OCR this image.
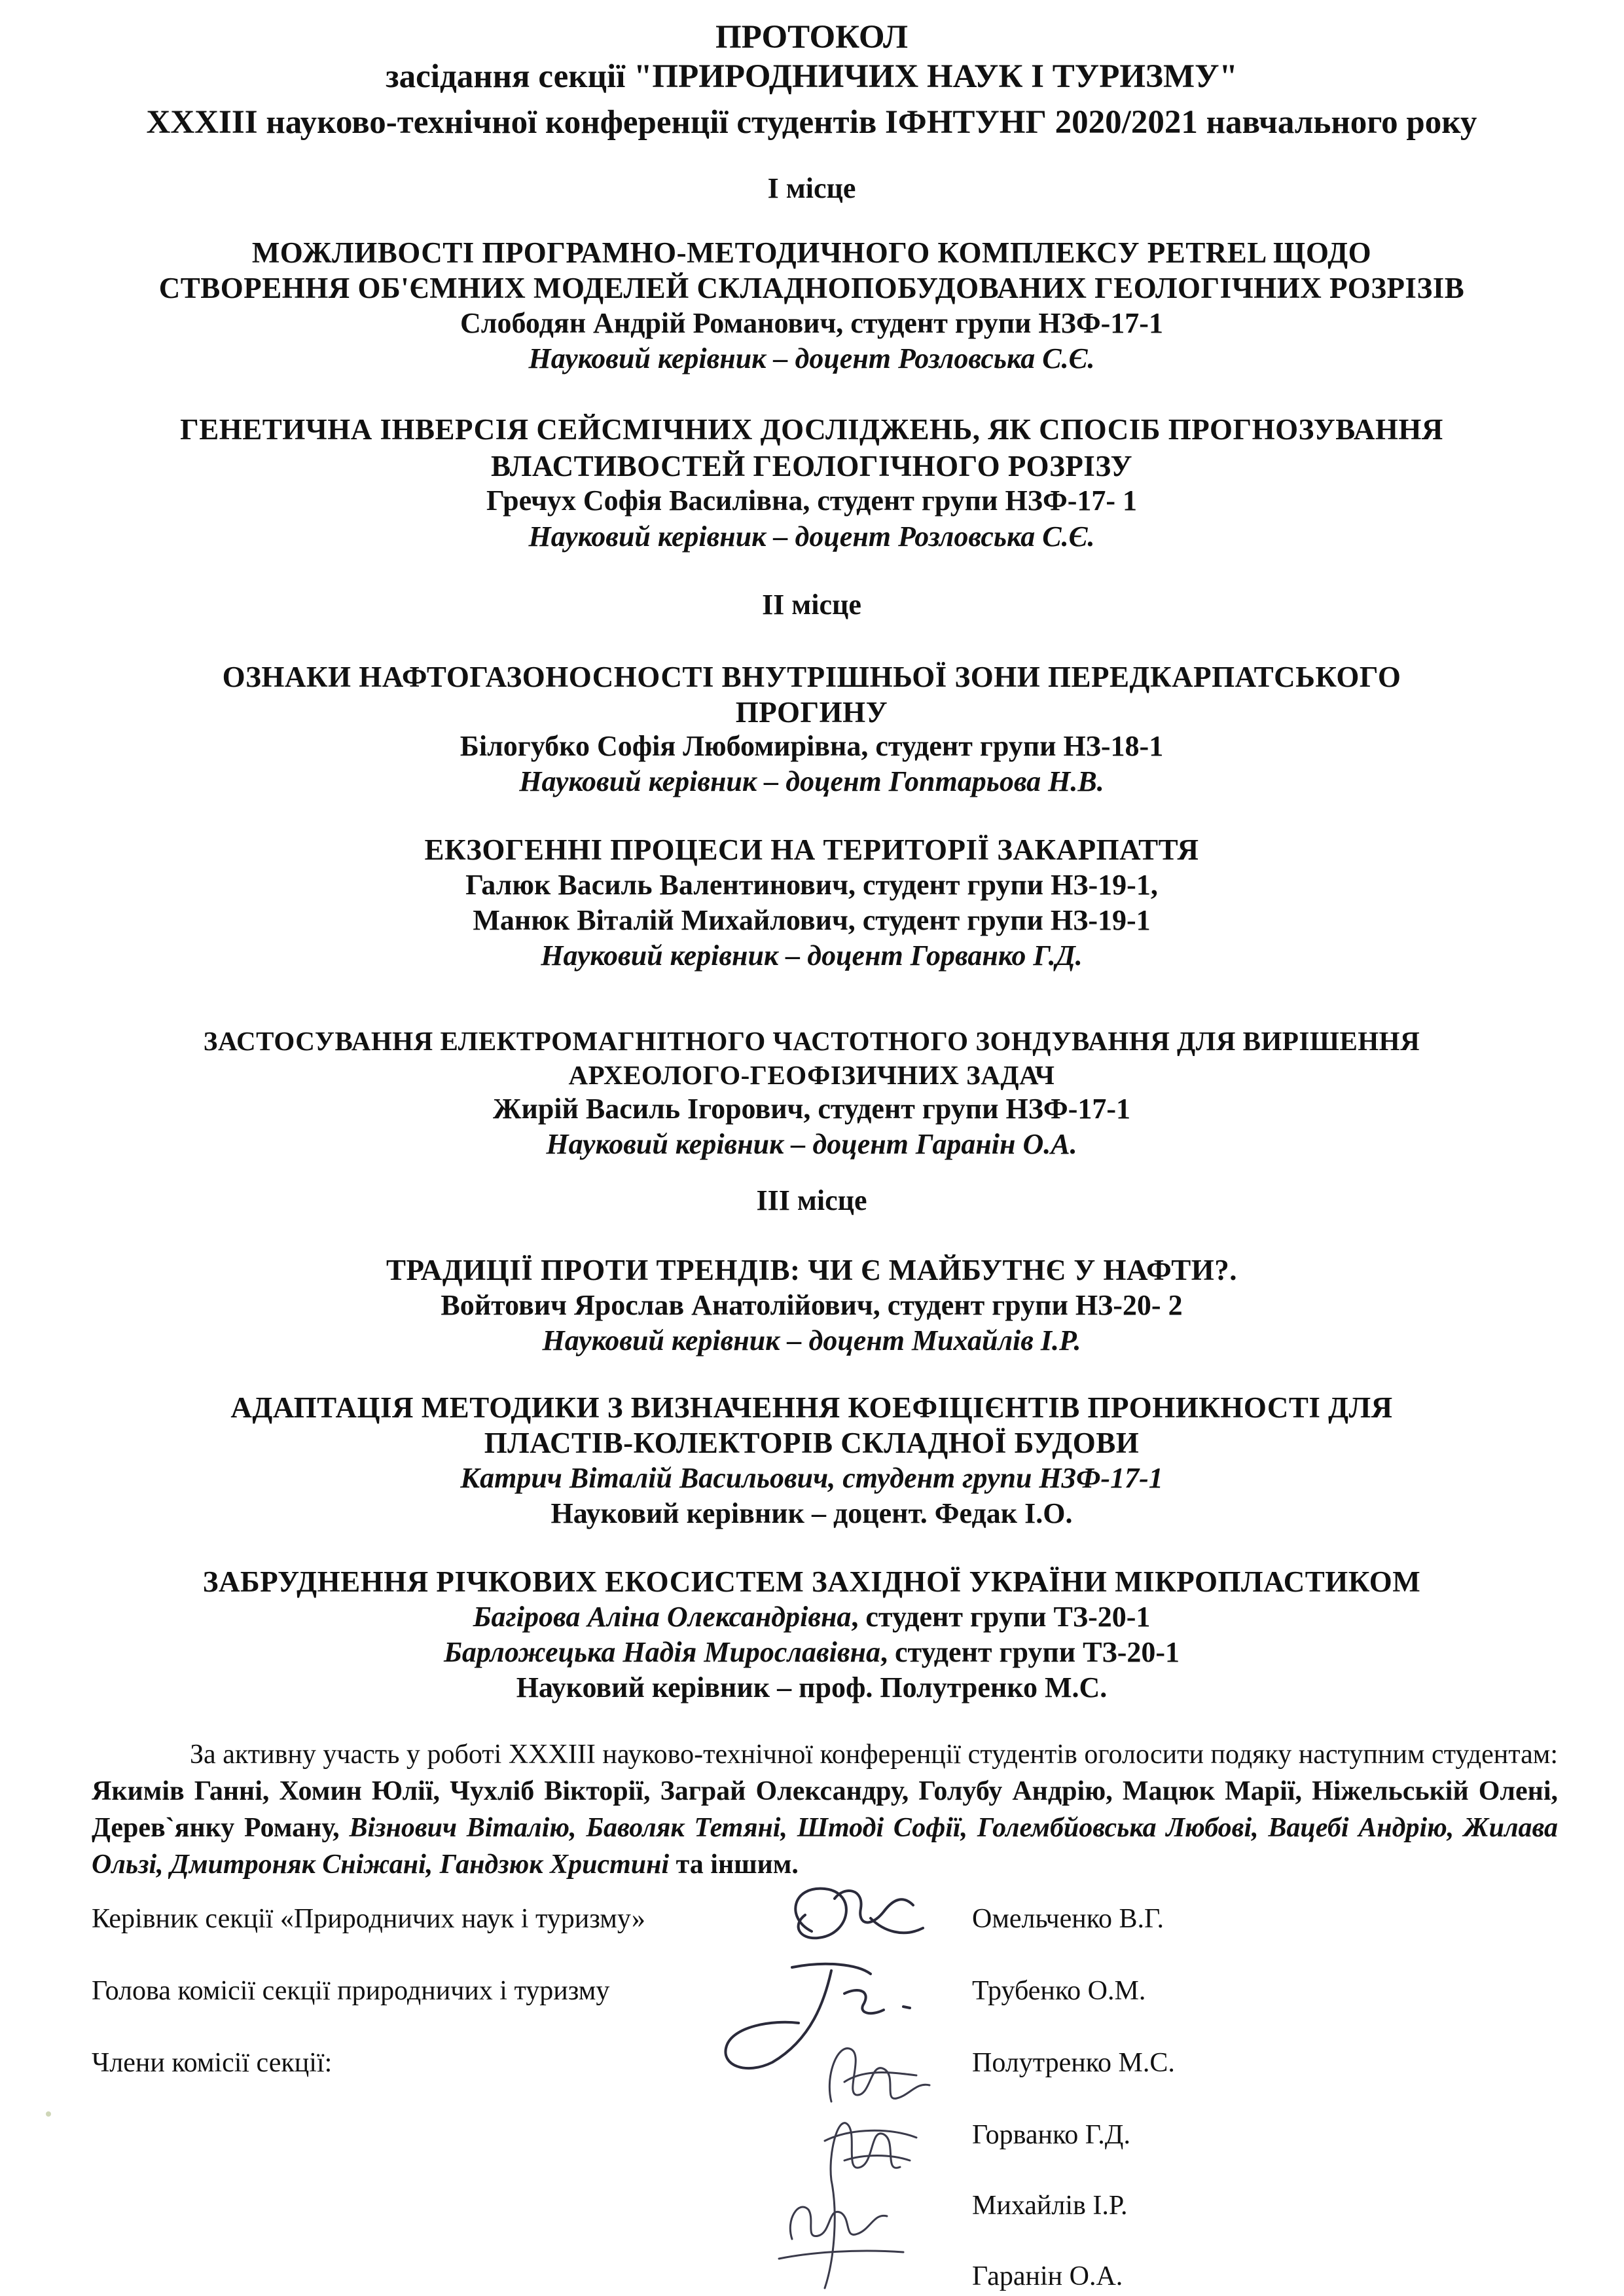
ПРОТОКОЛ
засідання секції "ПРИРОДНИЧИХ НАУК І ТУРИЗМУ"
XXXIII науково-технічної конференції студентів ІФНТУНГ 2020/2021 навчального року
I місце
МОЖЛИВОСТІ ПРОГРАМНО-МЕТОДИЧНОГО КОМПЛЕКСУ PETREL ЩОДО
СТВОРЕННЯ ОБ'ЄМНИХ МОДЕЛЕЙ СКЛАДНОПОБУДОВАНИХ ГЕОЛОГІЧНИХ РОЗРІЗІВ
Слободян Андрій Романович, студент групи НЗФ-17-1
Науковий керівник – доцент Розловська С.Є.
ГЕНЕТИЧНА ІНВЕРСІЯ СЕЙСМІЧНИХ ДОСЛІДЖЕНЬ, ЯК СПОСІБ ПРОГНОЗУВАННЯ
ВЛАСТИВОСТЕЙ ГЕОЛОГІЧНОГО РОЗРІЗУ
Гречух Софія Василівна, студент групи НЗФ-17- 1
Науковий керівник – доцент Розловська С.Є.
II місце
ОЗНАКИ НАФТОГАЗОНОСНОСТІ ВНУТРІШНЬОЇ ЗОНИ ПЕРЕДКАРПАТСЬКОГО
ПРОГИНУ
Білогубко Софія Любомирівна, студент групи НЗ-18-1
Науковий керівник – доцент Гоптарьова Н.В.
ЕКЗОГЕННІ ПРОЦЕСИ НА ТЕРИТОРІЇ ЗАКАРПАТТЯ
Галюк Василь Валентинович, студент групи НЗ-19-1,
Манюк Віталій Михайлович, студент групи НЗ-19-1
Науковий керівник – доцент Горванко Г.Д.
ЗАСТОСУВАННЯ ЕЛЕКТРОМАГНІТНОГО ЧАСТОТНОГО ЗОНДУВАННЯ ДЛЯ ВИРІШЕННЯ
АРХЕОЛОГО-ГЕОФІЗИЧНИХ ЗАДАЧ
Жирій Василь Ігорович, студент групи НЗФ-17-1
Науковий керівник – доцент Гаранін О.А.
III місце
ТРАДИЦІЇ ПРОТИ ТРЕНДІВ: ЧИ Є МАЙБУТНЄ У НАФТИ?.
Войтович Ярослав Анатолійович, студент групи НЗ-20- 2
Науковий керівник – доцент Михайлів І.Р.
АДАПТАЦІЯ МЕТОДИКИ З ВИЗНАЧЕННЯ КОЕФІЦІЄНТІВ ПРОНИКНОСТІ ДЛЯ
ПЛАСТІВ-КОЛЕКТОРІВ СКЛАДНОЇ БУДОВИ
Катрич Віталій Васильович, студент групи НЗФ-17-1
Науковий керівник – доцент. Федак І.О.
ЗАБРУДНЕННЯ РІЧКОВИХ ЕКОСИСТЕМ ЗАХІДНОЇ УКРАЇНИ МІКРОПЛАСТИКОМ
Багірова Аліна Олександрівна, студент групи ТЗ-20-1
Барложецька Надія Мирославівна, студент групи ТЗ-20-1
Науковий керівник – проф. Полутренко М.С.

За активну участь у роботі XXXIII науково-технічної конференції студентів оголосити подяку наступним студентам: Якимів Ганні, Хомин Юлії, Чухліб Вікторії, Заграй Олександру, Голубу Андрію, Мацюк Марії, Ніжельській Олені, Дерев`янку Роману, Візнович Віталію, Баволяк Тетяні, Штоді Софії, Голембйовська Любові, Вацебі Андрію, Жилава Ользі, Дмитроняк Сніжані, Гандзюк Христині та іншим.

Керівник секції «Природничих наук і туризму»	Омельченко В.Г.
Голова комісії секції природничих і туризму	Трубенко О.М.
Члени комісії секції:	Полутренко М.С.
Горванко Г.Д.
Михайлів І.Р.
Гаранін О.А.
